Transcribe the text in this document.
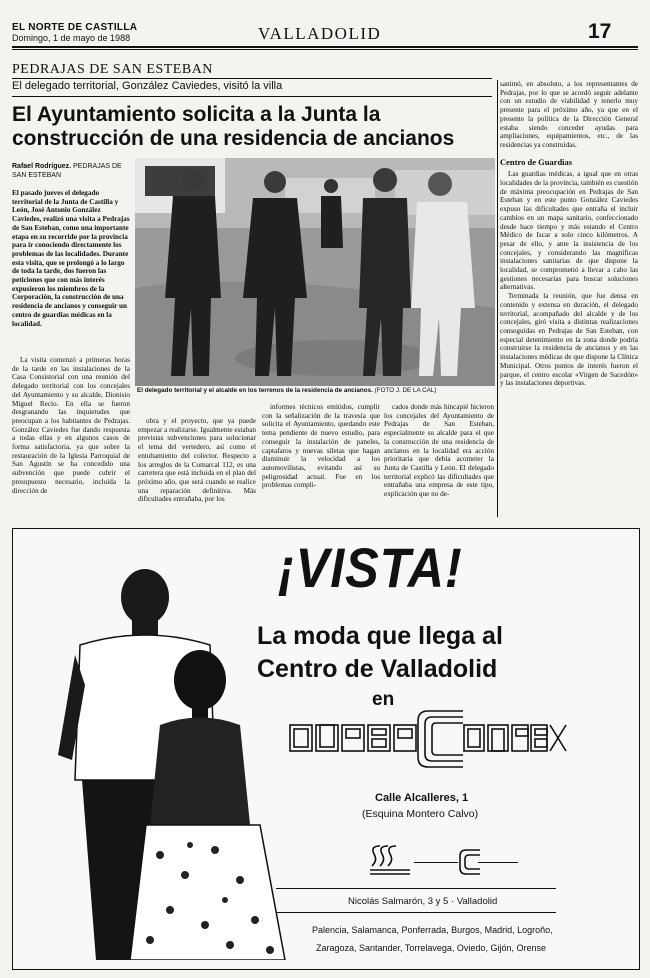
EL NORTE DE CASTILLA
Domingo, 1 de mayo de 1988	VALLADOLID	17
PEDRAJAS DE SAN ESTEBAN
El delegado territorial, González Caviedes, visitó la villa
El Ayuntamiento solicita a la Junta la construcción de una residencia de ancianos
Rafael Rodríguez. PEDRAJAS DE SAN ESTEBAN
El pasado jueves el delegado territorial de la Junta de Castilla y León, José Antonio González Caviedes, realizó una visita a Pedrajas de San Esteban, como una importante etapa en su recorrido por la provincia para ir conociendo directamente los problemas de las localidades. Durante esta visita, que se prolongó a lo largo de toda la tarde, dos fueron las peticiones que con más interés expusieron los miembros de la Corporación, la construcción de una residencia de ancianos y conseguir un centro de guardias médicas en la localidad.
El delegado territorial y el alcalde en los terrenos de la residencia de ancianos. (FOTO J. DE LA CAL)

La visita comenzó a primeras horas de la tarde en las instalaciones de la Casa Consistorial con una reunión del delegado territorial con los concejales del Ayuntamiento y su alcalde, Dionisio Miguel Recio. En ella se fueron desgranando las inquietudes que preocupan a los habitantes de Pedrajas. González Caviedes fue dando respuesta a todas ellas y en algunos casos de forma satisfactoria, ya que sobre la restauración de la Iglesia Parroquial de San Agustín se ha concedido una subvención que puede cubrir el presupuesto necesario, incluida la dirección de

obra y el proyecto, que ya puede empezar a realizarse. Igualmente estaban previstas subvenciones para solucionar el tema del vertedero, así como el entubamiento del colector. Respecto a los arreglos de la Comarcal 112, es una carretera que está incluida en el plan del próximo año, que será cuando se realice una reparación definitiva. Más dificultades entrañaba, por los

informes técnicos emitidos, cumplir con la señalización de la travesía que solicita el Ayuntamiento, quedando este tema pendiente de nuevo estudio, para conseguir la instalación de paneles, captafaros y nuevas siletas que hagan disminuir la velocidad a los automovilistas, evitando así su peligrosidad actual. Fue en los problemas compli-

cados donde más hincapié hicieron los concejales del Ayuntamiento de Pedrajas de San Esteban, especialmente su alcalde para el que la construcción de una residencia de ancianos en la localidad era acción prioritaria que debía acometer la Junta de Castilla y León. El delegado territorial explicó las dificultades que entrañaba una empresa de este tipo, explicación que no de-

sanimó, en absoluto, a los representantes de Pedrajas, por lo que se acordó seguir adelante con un estudio de viabilidad y tenerlo muy presente para el próximo año, ya que en el presente la política de la Dirección General estaba siendo conceder ayudas para ampliaciones, equipamientos, etc., de las residencias ya construidas.

Centro de Guardias

Las guardias médicas, a igual que en otras localidades de la provincia, también es cuestión de máxima preocupación en Pedrajas de San Esteban y en este punto González Caviedes expuso las dificultades que entraña el incluir cambios en un mapa sanitario, confeccionado desde hace tiempo y más estando el Centro Médico de Iscar a solo cinco kilómetros. A pesar de ello, y ante la insistencia de los concejales, y considerando las magníficas instalaciones sanitarias de que dispone la localidad, se comprometió a llevar a cabo las gestiones necesarias para buscar soluciones alternativas.

Terminada la reunión, que fue densa en contenido y extensa en duración, el delegado territorial, acompañado del alcalde y de los concejales, giró visita a distintas realizaciones conseguidas en Pedrajas de San Esteban, con especial detenimiento en la zona donde podría construirse la residencia de ancianos y en las instalaciones médicas de que dispone la Clínica Municipal. Otros puntos de interés fueron el parque, el centro escolar «Virgen de Sacedón» y las instalaciones deportivas.

¡VISTA!
La moda que llega al
Centro de Valladolid
en
Calle Alcalleres, 1
(Esquina Montero Calvo)
Nicolás Salmarón, 3 y 5 · Valladolid
Palencia, Salamanca, Ponferrada, Burgos, Madrid, Logroño,
Zaragoza, Santander, Torrelavega, Oviedo, Gijón, Orense
